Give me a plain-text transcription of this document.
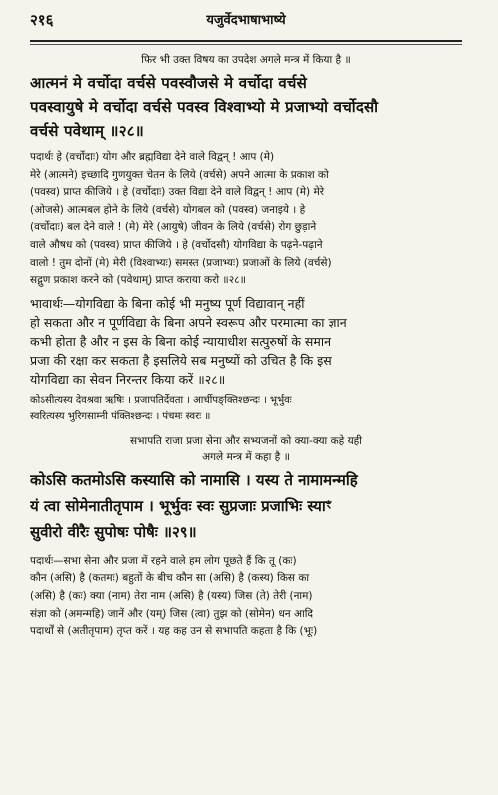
२१६	यजुर्वेदभाषाभाष्ये

फिर भी उक्त विषय का उपदेश अगले मन्त्र में किया है ॥

आत्मनं मे वर्चोदा वर्चसे पवस्वौजसे मे वर्चोदा वर्चसे
पवस्वायुषे मे वर्चोदा वर्चसे पवस्व विश्वाभ्यो मे प्रजाभ्यो वर्चोदसौ
वर्चसे पवेथाम् ॥२८॥
पदार्थः हे (वर्चोदाः) योग और ब्रह्मविद्या देने वाले विद्वन् ! आप (मे)
मेरे (आत्मने) इच्छादि गुणयुक्त चेतन के लिये (वर्चसे) अपने आत्मा के प्रकाश को
(पवस्व) प्राप्त कीजिये । हे (वर्चोदाः) उक्त विद्या देने वाले विद्वन् ! आप (मे) मेरे
(ओजसे) आत्मबल होने के लिये (वर्चसे) योगबल को (पवस्व) जनाइये । हे
(वर्चोदाः) बल देने वाले ! (मे) मेरे (आयुषे) जीवन के लिये (वर्चसे) रोग छुड़ाने
वाले औषध को (पवस्व) प्राप्त कीजिये । हे (वर्चोदसौ) योगविद्या के पढ़ने-पढ़ाने
वालो ! तुम दोनों (मे) मेरी (विश्वाभ्यः) समस्त (प्रजाभ्यः) प्रजाओं के लिये (वर्चसे)
सद्गुण प्रकाश करने को (पवेथाम्) प्राप्त कराया करो ॥२८॥
भावार्थः—योगविद्या के बिना कोई भी मनुष्य पूर्ण विद्यावान् नहीं
हो सकता और न पूर्णविद्या के बिना अपने स्वरूप और परमात्मा का ज्ञान
कभी होता है और न इस के बिना कोई न्यायाधीश सत्पुरुषों के समान
प्रजा की रक्षा कर सकता है इसलिये सब मनुष्यों को उचित है कि इस
योगविद्या का सेवन निरन्तर किया करें ॥२८॥
कोऽसीत्यस्य देवश्रवा ऋषिः । प्रजापतिर्देवता । आर्चीपङ्क्तिश्छन्दः । भूर्भुवः
स्वरित्यस्य भुरिगसाम्नी पंक्तिश्छन्दः । पंचमः स्वरः ॥
सभापति राजा प्रजा सेना और सभ्यजनों को क्या-क्या कहे यही
अगले मन्त्र में कहा है ॥
कोऽसि कतमोऽसि कस्यासि को नामासि । यस्य ते नामामन्महि
यं त्वा सोमेनातीतृपाम । भूर्भुवः स्वः सुप्रजाः प्रजाभिः स्याꣳ
सुवीरो वीरैः सुपोषः पोषैः ॥२९॥
पदार्थः—सभा सेना और प्रजा में रहने वाले हम लोग पूछते हैं कि तू (कः)
कौन (असि) है (कतमः) बहुतों के बीच कौन सा (असि) है (कस्य) किस का
(असि) है (कः) क्या (नाम) तेरा नाम (असि) है (यस्य) जिस (ते) तेरी (नाम)
संज्ञा को (अमन्महि) जानें और (यम्) जिस (त्वा) तुझ को (सोमेन) धन आदि
पदार्थों से (अतीतृपाम) तृप्त करें । यह कह उन से सभापति कहता है कि (भूः)
